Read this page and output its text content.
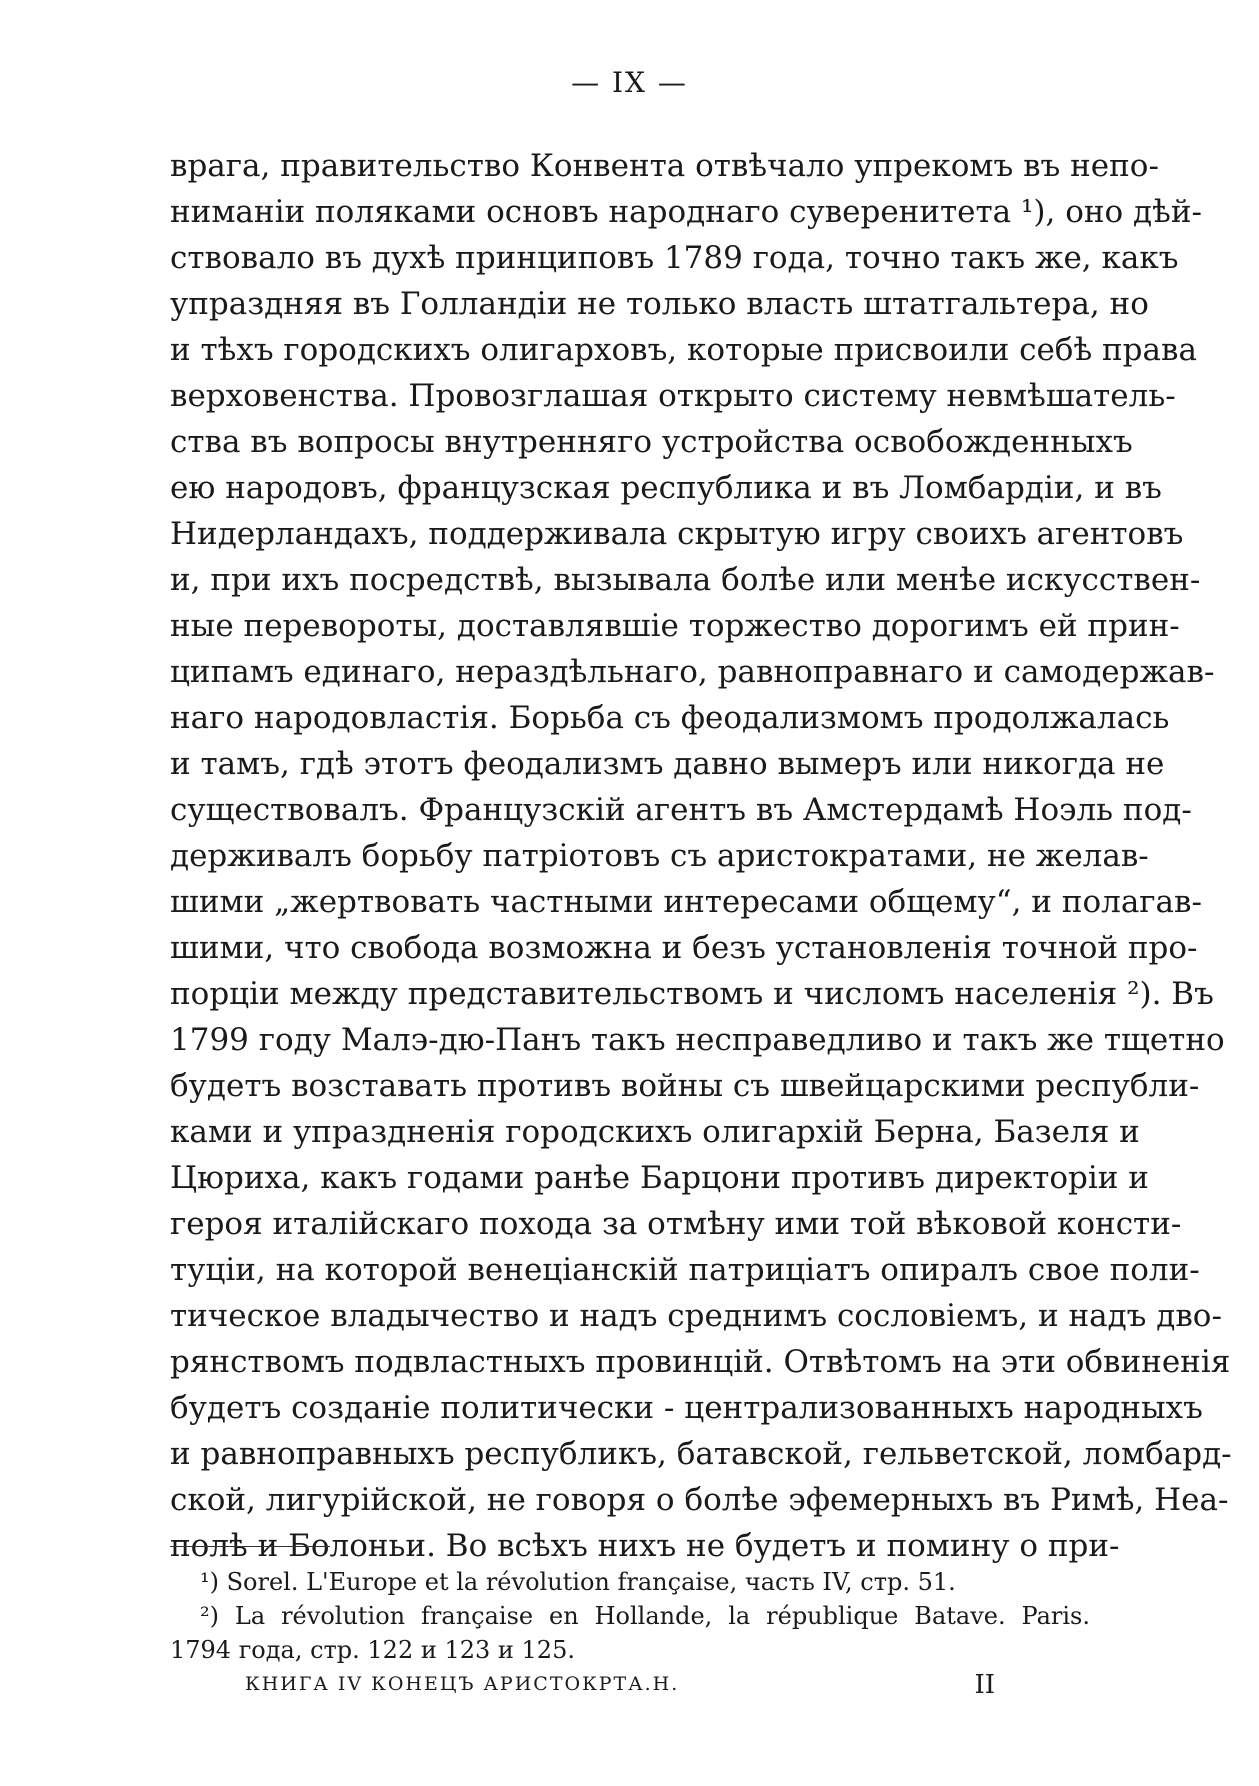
— IX —
врага, правительство Конвента отвѣчало упрекомъ въ непо-
ниманіи поляками основъ народнаго суверенитета ¹), оно дѣй-
ствовало въ духѣ принциповъ 1789 года, точно такъ же, какъ
упраздняя въ Голландіи не только власть штатгальтера, но
и тѣхъ городскихъ олигарховъ, которые присвоили себѣ права
верховенства. Провозглашая открыто систему невмѣшатель-
ства въ вопросы внутренняго устройства освобожденныхъ
ею народовъ, французская республика и въ Ломбардіи, и въ
Нидерландахъ, поддерживала скрытую игру своихъ агентовъ
и, при ихъ посредствѣ, вызывала болѣе или менѣе искусствен-
ные перевороты, доставлявшіе торжество дорогимъ ей прин-
ципамъ единаго, нераздѣльнаго, равноправнаго и самодержав-
наго народовластія. Борьба съ феодализмомъ продолжалась
и тамъ, гдѣ этотъ феодализмъ давно вымеръ или никогда не
существовалъ. Французскій агентъ въ Амстердамѣ Ноэль под-
держивалъ борьбу патріотовъ съ аристократами, не желав-
шими „жертвовать частными интересами общему“, и полагав-
шими, что свобода возможна и безъ установленія точной про-
порціи между представительствомъ и числомъ населенія ²). Въ
1799 году Малэ-дю-Панъ такъ несправедливо и такъ же тщетно
будетъ возставать противъ войны съ швейцарскими республи-
ками и упраздненія городскихъ олигархій Берна, Базеля и
Цюриха, какъ годами ранѣе Барцони противъ директоріи и
героя италійскаго похода за отмѣну ими той вѣковой консти-
туціи, на которой венеціанскій патриціатъ опиралъ свое поли-
тическое владычество и надъ среднимъ сословіемъ, и надъ дво-
рянствомъ подвластныхъ провинцій. Отвѣтомъ на эти обвиненія
будетъ созданіе политически - централизованныхъ народныхъ
и равноправныхъ республикъ, батавской, гельветской, ломбард-
ской, лигурійской, не говоря о болѣе эфемерныхъ въ Римѣ, Неа-
полѣ и Болоньи. Во всѣхъ нихъ не будетъ и помину о при-
¹) Sorel. L'Europe et la révolution française, часть IV, стр. 51.
²) La révolution française en Hollande, la république Batave. Paris.
1794 года, стр. 122 и 123 и 125.
КНИГА IV КОНЕЦЪ АРИСТОКРТА.Н.	II
